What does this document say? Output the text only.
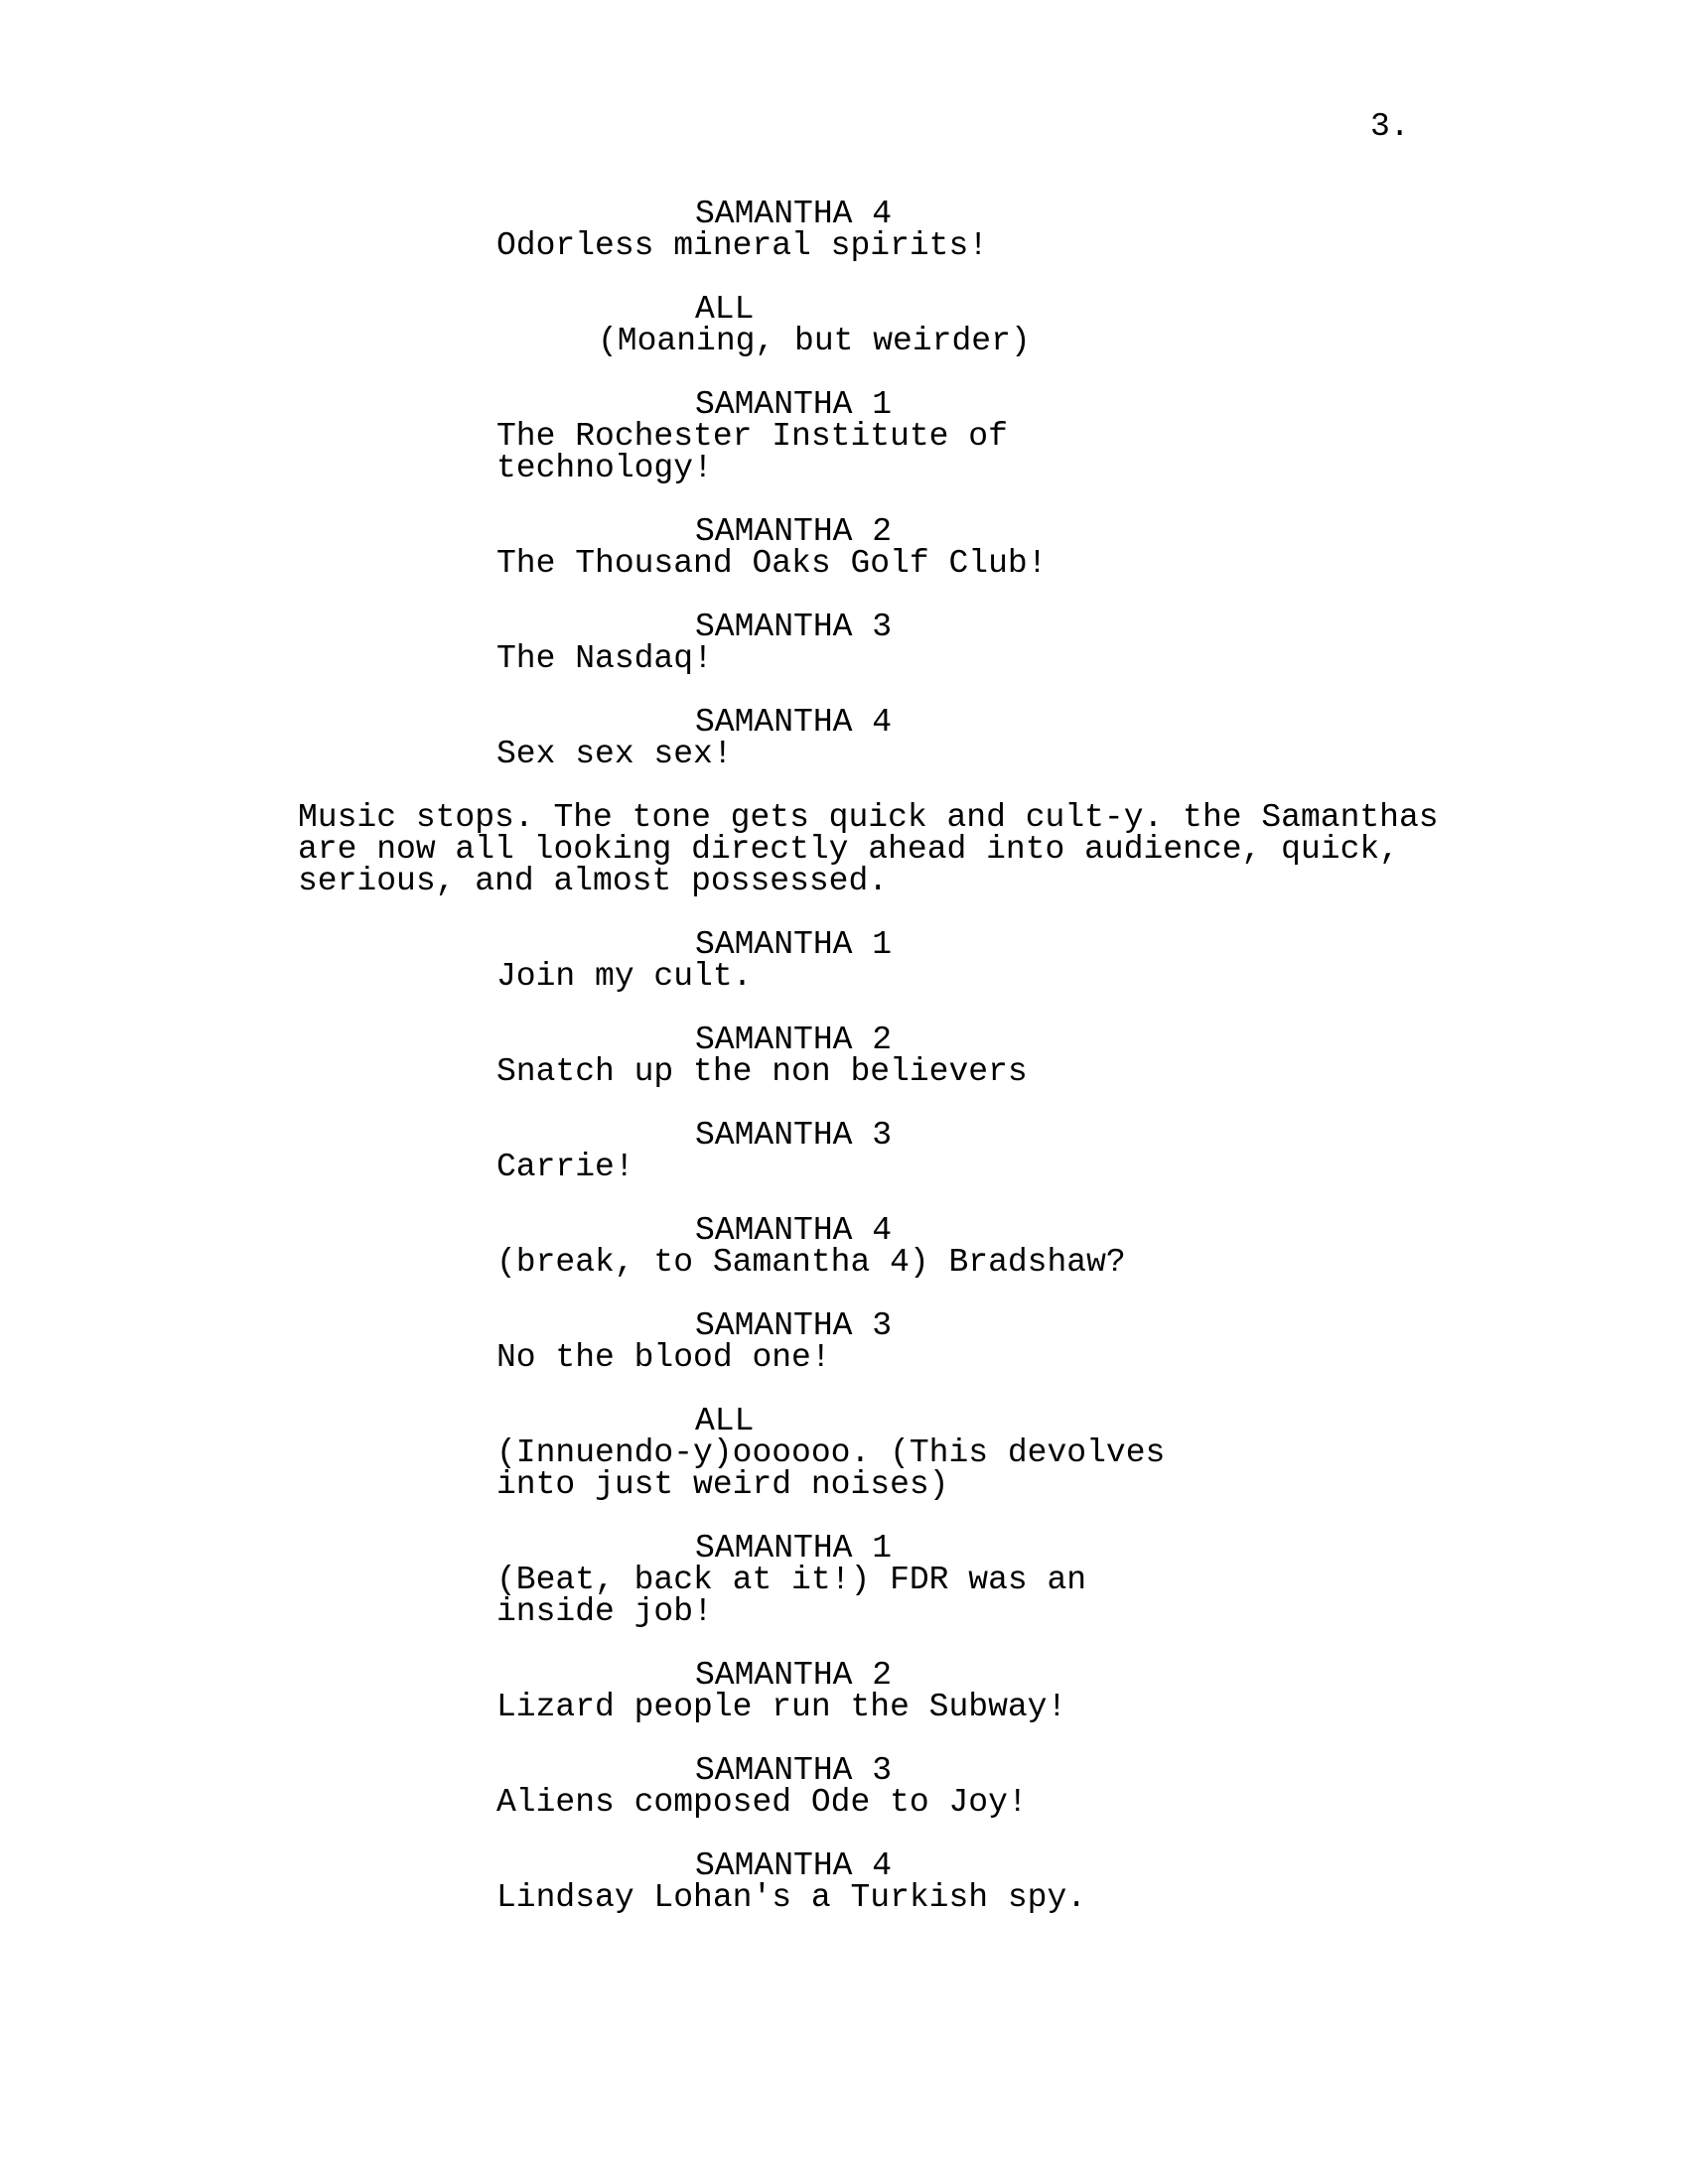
3.
SAMANTHA 4
Odorless mineral spirits!
ALL
(Moaning, but weirder)
SAMANTHA 1
The Rochester Institute of
technology!
SAMANTHA 2
The Thousand Oaks Golf Club!
SAMANTHA 3
The Nasdaq!
SAMANTHA 4
Sex sex sex!
Music stops. The tone gets quick and cult-y. the Samanthas
are now all looking directly ahead into audience, quick,
serious, and almost possessed.
SAMANTHA 1
Join my cult.
SAMANTHA 2
Snatch up the non believers
SAMANTHA 3
Carrie!
SAMANTHA 4
(break, to Samantha 4) Bradshaw?
SAMANTHA 3
No the blood one!
ALL
(Innuendo-y)oooooo. (This devolves
into just weird noises)
SAMANTHA 1
(Beat, back at it!) FDR was an
inside job!
SAMANTHA 2
Lizard people run the Subway!
SAMANTHA 3
Aliens composed Ode to Joy!
SAMANTHA 4
Lindsay Lohan's a Turkish spy.
